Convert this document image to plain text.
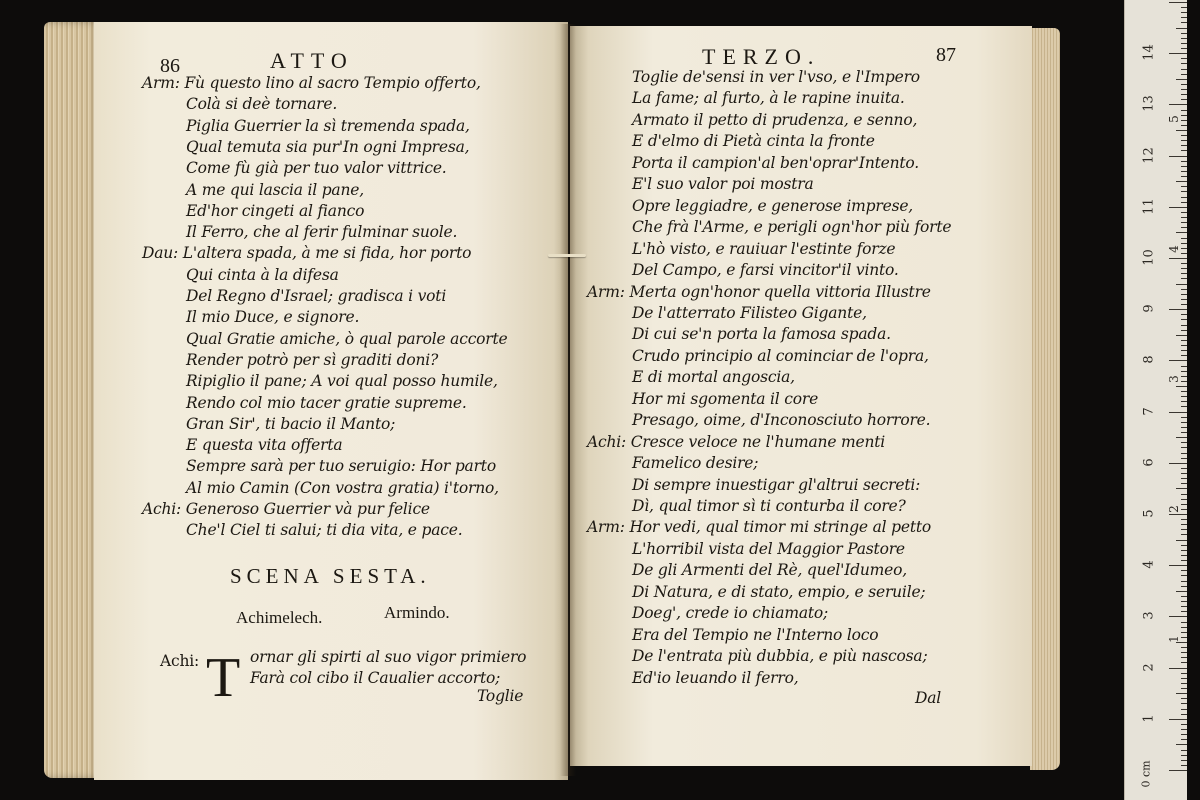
86	ATTO
SCENA SESTA.
Achimelech.	Armindo.
Achi: T ornar gli spirti al suo vigor primiero
Farà col cibo il Caualier accorto;
Toglie
TERZO.	87
Dal
0 cm
1
2
3
4
5
6
7
8
9
10
11
12
13
14
1
2
3
4
5
Arm: Fù questo lino al sacro Tempio offerto,
Colà si deè tornare.
Piglia Guerrier la sì tremenda spada,
Qual temuta sia pur'In ogni Impresa,
Come fù già per tuo valor vittrice.
A me qui lascia il pane,
Ed'hor cingeti al fianco
Il Ferro, che al ferir fulminar suole.
Dau: L'altera spada, à me si fida, hor porto
Qui cinta à la difesa
Del Regno d'Israel; gradisca i voti
Il mio Duce, e signore.
Qual Gratie amiche, ò qual parole accorte
Render potrò per sì graditi doni?
Ripiglio il pane; A voi qual posso humile,
Rendo col mio tacer gratie supreme.
Gran Sir', ti bacio il Manto;
E questa vita offerta
Sempre sarà per tuo seruigio: Hor parto
Al mio Camin (Con vostra gratia) i'torno,
Achi: Generoso Guerrier và pur felice
Che'l Ciel ti salui; ti dia vita, e pace.
Toglie de'sensi in ver l'vso, e l'Impero
La fame; al furto, à le rapine inuita.
Armato il petto di prudenza, e senno,
E d'elmo di Pietà cinta la fronte
Porta il campion'al ben'oprar'Intento.
E'l suo valor poi mostra
Opre leggiadre, e generose imprese,
Che frà l'Arme, e perigli ogn'hor più forte
L'hò visto, e rauiuar l'estinte forze
Del Campo, e farsi vincitor'il vinto.
Arm: Merta ogn'honor quella vittoria Illustre
De l'atterrato Filisteo Gigante,
Di cui se'n porta la famosa spada.
Crudo principio al cominciar de l'opra,
E di mortal angoscia,
Hor mi sgomenta il core
Presago, oime, d'Inconosciuto horrore.
Achi: Cresce veloce ne l'humane menti
Famelico desire;
Di sempre inuestigar gl'altrui secreti:
Dì, qual timor sì ti conturba il core?
Arm: Hor vedi, qual timor mi stringe al petto
L'horribil vista del Maggior Pastore
De gli Armenti del Rè, quel'Idumeo,
Di Natura, e di stato, empio, e seruile;
Doeg', crede io chiamato;
Era del Tempio ne l'Interno loco
De l'entrata più dubbia, e più nascosa;
Ed'io leuando il ferro,
